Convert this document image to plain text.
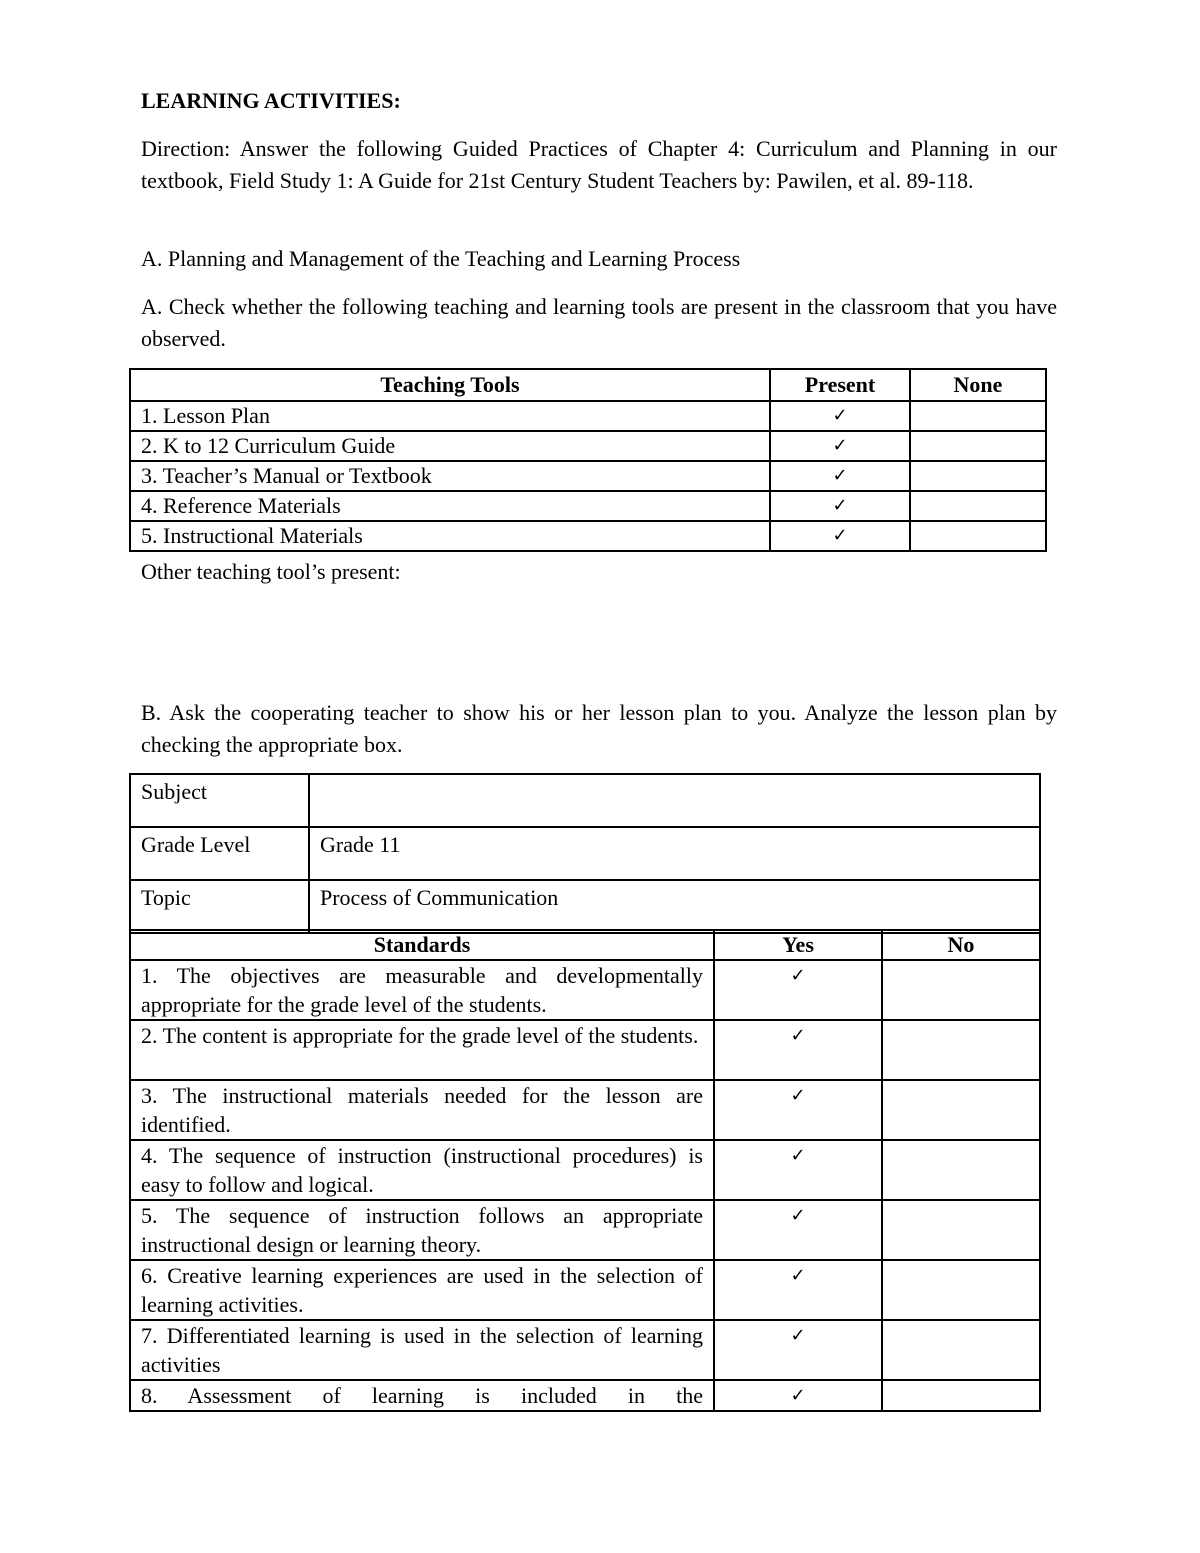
LEARNING ACTIVITIES:

Direction: Answer the following Guided Practices of Chapter 4: Curriculum and Planning in our textbook, Field Study 1: A Guide for 21st Century Student Teachers by: Pawilen, et al. 89-118.

A. Planning and Management of the Teaching and Learning Process

A. Check whether the following teaching and learning tools are present in the classroom that you have observed.

Teaching Tools	Present	None
1. Lesson Plan	✓	
2. K to 12 Curriculum Guide	✓	
3. Teacher’s Manual or Textbook	✓	
4. Reference Materials	✓	
5. Instructional Materials	✓	

Other teaching tool’s present:

B. Ask the cooperating teacher to show his or her lesson plan to you. Analyze the lesson plan by checking the appropriate box.

Subject	
Grade Level	Grade 11
Topic	Process of Communication
Standards	Yes	No
1. The objectives are measurable and developmentally appropriate for the grade level of the students.	✓	
2. The content is appropriate for the grade level of the students.	✓	
3. The instructional materials needed for the lesson are identified.	✓	
4. The sequence of instruction (instructional procedures) is easy to follow and logical.	✓	
5. The sequence of instruction follows an appropriate instructional design or learning theory.	✓	
6. Creative learning experiences are used in the selection of learning activities.	✓	
7. Differentiated learning is used in the selection of learning activities	✓	
8. Assessment of learning is included in the	✓	
